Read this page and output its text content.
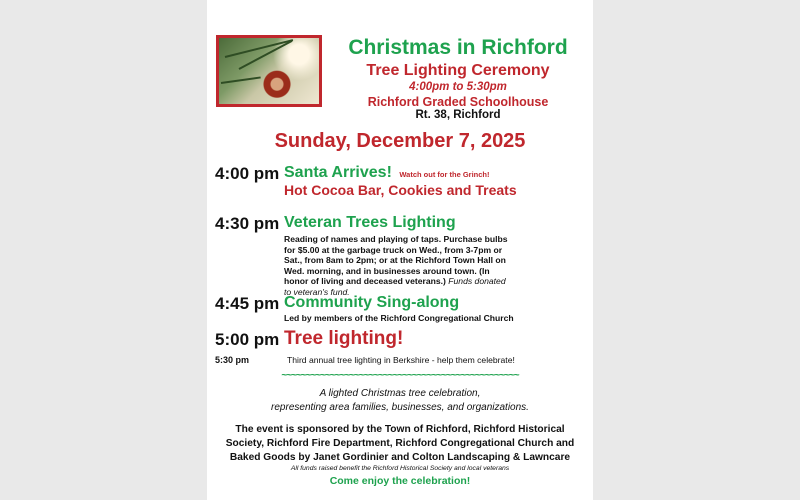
Christmas in Richford
Tree Lighting Ceremony
4:00pm to 5:30pm
Richford Graded Schoolhouse
Rt. 38, Richford
Sunday, December 7, 2025
4:00 pm Santa Arrives! Watch out for the Grinch!
Hot Cocoa Bar, Cookies and Treats
4:30 pm Veteran Trees Lighting
Reading of names and playing of taps. Purchase bulbs for $5.00 at the garbage truck on Wed., from 3-7pm or Sat., from 8am to 2pm; or at the Richford Town Hall on Wed. morning, and in businesses around town. (In honor of living and deceased veterans.) Funds donated to veteran's fund.
4:45 pm Community Sing-along
Led by members of the Richford Congregational Church
5:00 pm Tree lighting!
5:30 pm	Third annual tree lighting in Berkshire - help them celebrate!
~~~~~~~~~~~~~~~~~~~~~~~~~~~~~~~~~~~~~~~~~~~~~~~~~
A lighted Christmas tree celebration,
representing area families, businesses, and organizations.
The event is sponsored by the Town of Richford, Richford Historical
Society, Richford Fire Department, Richford Congregational Church and
Baked Goods by Janet Gordinier and Colton Landscaping & Lawncare
All funds raised benefit the Richford Historical Society and local veterans
Come enjoy the celebration!
